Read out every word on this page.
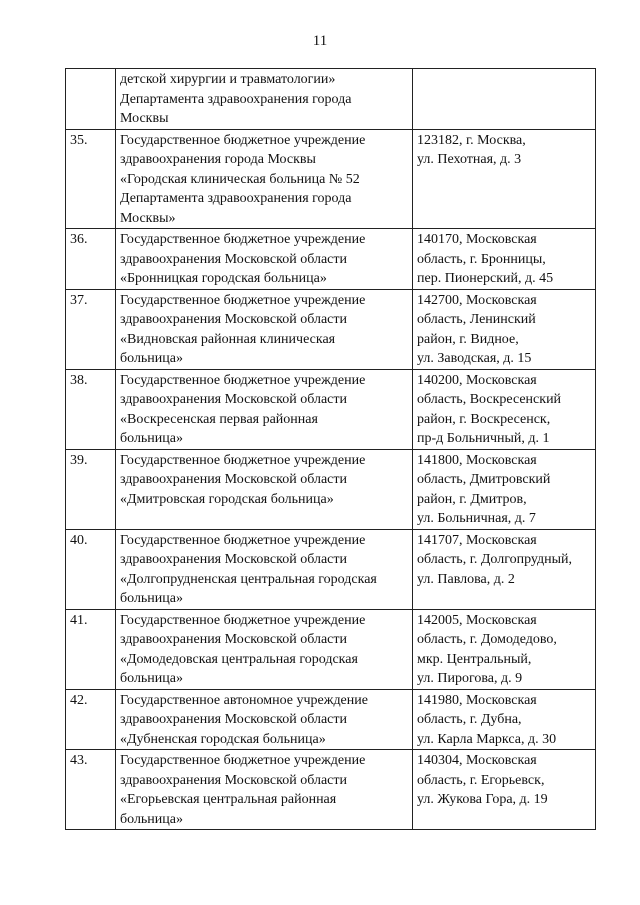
11

	детской хирургии и травматологии»
Департамента здравоохранения города
Москвы	

35.	Государственное бюджетное учреждение
здравоохранения города Москвы
«Городская клиническая больница № 52
Департамента здравоохранения города
Москвы»	123182, г. Москва,
ул. Пехотная, д. 3

36.	Государственное бюджетное учреждение
здравоохранения Московской области
«Бронницкая городская больница»	140170, Московская
область, г. Бронницы,
пер. Пионерский, д. 45

37.	Государственное бюджетное учреждение
здравоохранения Московской области
«Видновская районная клиническая
больница»	142700, Московская
область, Ленинский
район, г. Видное,
ул. Заводская, д. 15

38.	Государственное бюджетное учреждение
здравоохранения Московской области
«Воскресенская первая районная
больница»	140200, Московская
область, Воскресенский
район, г. Воскресенск,
пр-д Больничный, д. 1

39.	Государственное бюджетное учреждение
здравоохранения Московской области
«Дмитровская городская больница»	141800, Московская
область, Дмитровский
район, г. Дмитров,
ул. Больничная, д. 7

40.	Государственное бюджетное учреждение
здравоохранения Московской области
«Долгопрудненская центральная городская
больница»	141707, Московская
область, г. Долгопрудный,
ул. Павлова, д. 2

41.	Государственное бюджетное учреждение
здравоохранения Московской области
«Домодедовская центральная городская
больница»	142005, Московская
область, г. Домодедово,
мкр. Центральный,
ул. Пирогова, д. 9

42.	Государственное автономное учреждение
здравоохранения Московской области
«Дубненская городская больница»	141980, Московская
область, г. Дубна,
ул. Карла Маркса, д. 30

43.	Государственное бюджетное учреждение
здравоохранения Московской области
«Егорьевская центральная районная
больница»	140304, Московская
область, г. Егорьевск,
ул. Жукова Гора, д. 19
